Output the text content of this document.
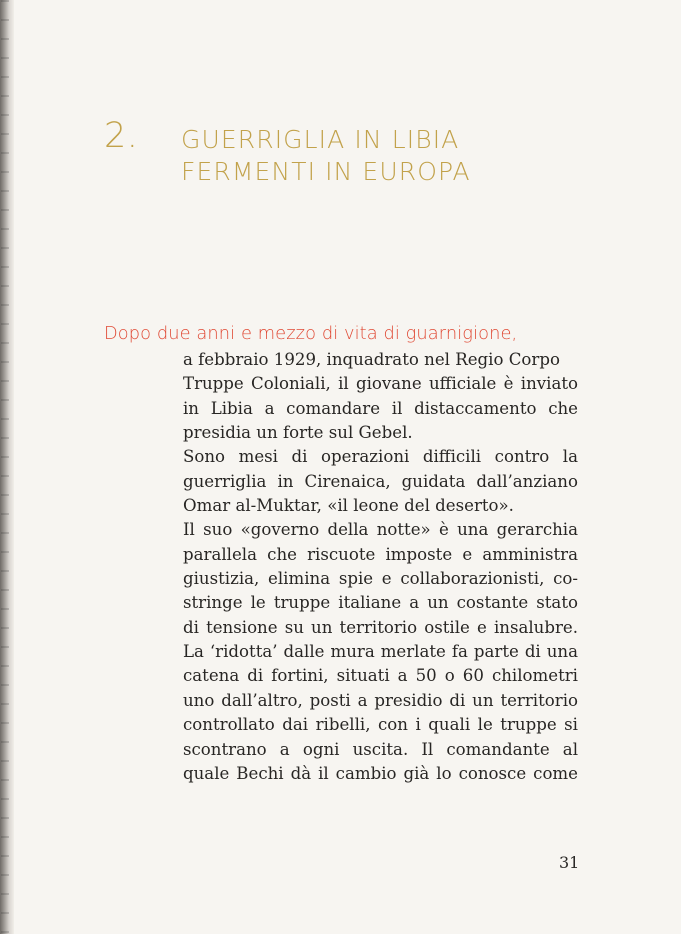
2. GUERRIGLIA IN LIBIA
FERMENTI IN EUROPA
Dopo due anni e mezzo di vita di guarnigione,
a febbraio 1929, inquadrato nel Regio Corpo
Truppe Coloniali, il giovane ufficiale è inviato
in Libia a comandare il distaccamento che
presidia un forte sul Gebel.
Sono mesi di operazioni difficili contro la
guerriglia in Cirenaica, guidata dall’anziano
Omar al-Muktar, «il leone del deserto».
Il suo «governo della notte» è una gerarchia
parallela che riscuote imposte e amministra
giustizia, elimina spie e collaborazionisti, co-
stringe le truppe italiane a un costante stato
di tensione su un territorio ostile e insalubre.
La ‘ridotta’ dalle mura merlate fa parte di una
catena di fortini, situati a 50 o 60 chilometri
uno dall’altro, posti a presidio di un territorio
controllato dai ribelli, con i quali le truppe si
scontrano a ogni uscita. Il comandante al
quale Bechi dà il cambio già lo conosce come
31
